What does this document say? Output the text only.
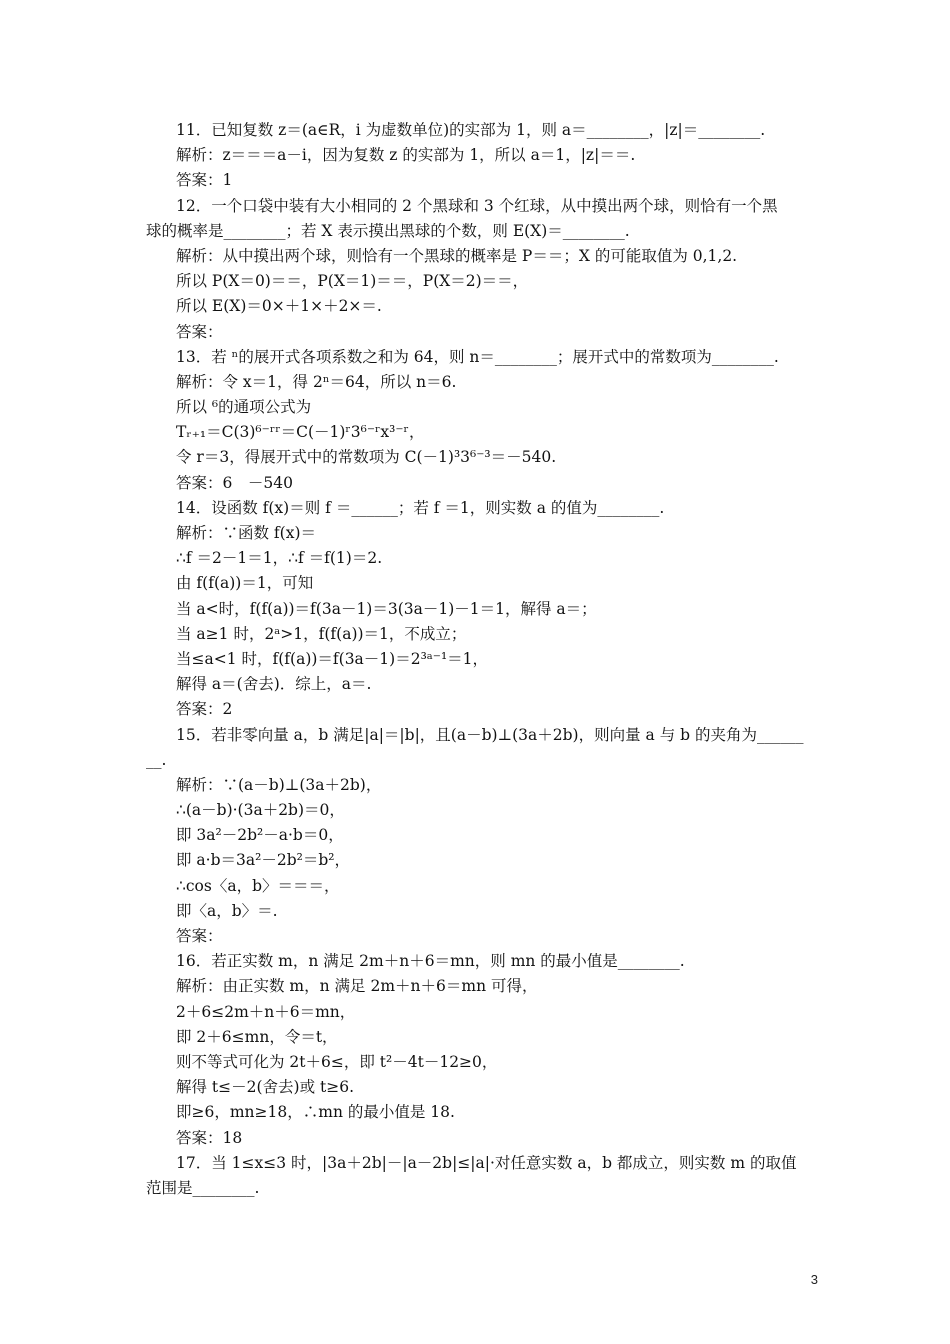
11．已知复数 z＝(a∈R，i 为虚数单位)的实部为 1，则 a＝________，|z|＝________.
解析：z＝＝＝a－i，因为复数 z 的实部为 1，所以 a＝1，|z|＝＝.
答案：1
12．一个口袋中装有大小相同的 2 个黑球和 3 个红球，从中摸出两个球，则恰有一个黑
球的概率是________；若 X 表示摸出黑球的个数，则 E(X)＝________.
解析：从中摸出两个球，则恰有一个黑球的概率是 P＝＝；X 的可能取值为 0,1,2.
所以 P(X＝0)＝＝，P(X＝1)＝＝，P(X＝2)＝＝，
所以 E(X)＝0×＋1×＋2×＝.
答案：
13．若 ⁿ的展开式各项系数之和为 64，则 n＝________；展开式中的常数项为________.
解析：令 x＝1，得 2ⁿ＝64，所以 n＝6.
所以 ⁶的通项公式为
Tᵣ₊₁＝C(3)⁶⁻ʳʳ＝C(－1)ʳ3⁶⁻ʳx³⁻ʳ，
令 r＝3，得展开式中的常数项为 C(－1)³3⁶⁻³＝－540.
答案：6　－540
14．设函数 f(x)＝则 f ＝______；若 f ＝1，则实数 a 的值为________.
解析：∵函数 f(x)＝
∴f ＝2－1＝1，∴f ＝f(1)＝2.
由 f(f(a))＝1，可知
当 a<时，f(f(a))＝f(3a－1)＝3(3a－1)－1＝1，解得 a＝；
当 a≥1 时，2ᵃ>1，f(f(a))＝1，不成立；
当≤a<1 时，f(f(a))＝f(3a－1)＝2³ᵃ⁻¹＝1，
解得 a＝(舍去)．综上，a＝.
答案：2
15．若非零向量 a，b 满足|a|＝|b|，且(a－b)⊥(3a＋2b)，则向量 a 与 b 的夹角为______
__.
解析：∵(a－b)⊥(3a＋2b)，
∴(a－b)·(3a＋2b)＝0，
即 3a²－2b²－a·b＝0，
即 a·b＝3a²－2b²＝b²，
∴cos〈a，b〉＝＝＝，
即〈a，b〉＝.
答案：
16．若正实数 m，n 满足 2m＋n＋6＝mn，则 mn 的最小值是________.
解析：由正实数 m，n 满足 2m＋n＋6＝mn 可得，
2＋6≤2m＋n＋6＝mn，
即 2＋6≤mn，令＝t，
则不等式可化为 2t＋6≤，即 t²－4t－12≥0，
解得 t≤－2(舍去)或 t≥6.
即≥6，mn≥18，∴mn 的最小值是 18.
答案：18
17．当 1≤x≤3 时，|3a＋2b|－|a－2b|≤|a|·对任意实数 a，b 都成立，则实数 m 的取值
范围是________.
3
